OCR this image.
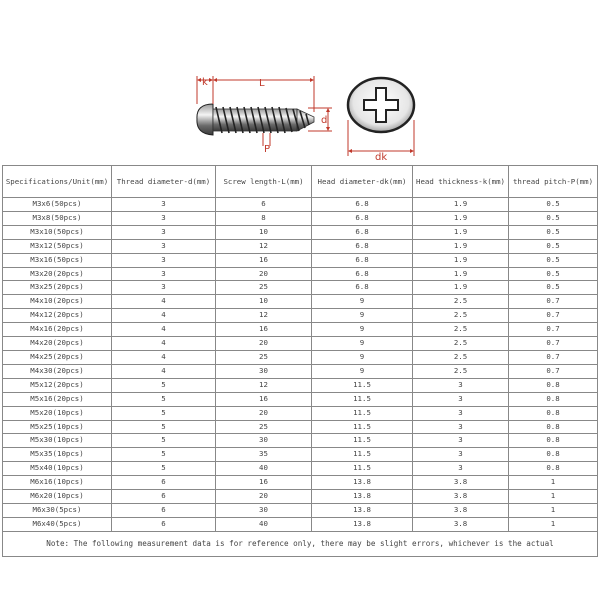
k	L
d
P
dk
Specifications/Unit(mm)	Thread diameter-d(mm)	Screw length-L(mm)	Head diameter-dk(mm)	Head thickness-k(mm)	thread pitch-P(mm)
M3x6(50pcs)	3	6	6.8	1.9	0.5
M3x8(50pcs)	3	8	6.8	1.9	0.5
M3x10(50pcs)	3	10	6.8	1.9	0.5
M3x12(50pcs)	3	12	6.8	1.9	0.5
M3x16(50pcs)	3	16	6.8	1.9	0.5
M3x20(20pcs)	3	20	6.8	1.9	0.5
M3x25(20pcs)	3	25	6.8	1.9	0.5
M4x10(20pcs)	4	10	9	2.5	0.7
M4x12(20pcs)	4	12	9	2.5	0.7
M4x16(20pcs)	4	16	9	2.5	0.7
M4x20(20pcs)	4	20	9	2.5	0.7
M4x25(20pcs)	4	25	9	2.5	0.7
M4x30(20pcs)	4	30	9	2.5	0.7
M5x12(20pcs)	5	12	11.5	3	0.8
M5x16(20pcs)	5	16	11.5	3	0.8
M5x20(10pcs)	5	20	11.5	3	0.8
M5x25(10pcs)	5	25	11.5	3	0.8
M5x30(10pcs)	5	30	11.5	3	0.8
M5x35(10pcs)	5	35	11.5	3	0.8
M5x40(10pcs)	5	40	11.5	3	0.8
M6x16(10pcs)	6	16	13.8	3.8	1
M6x20(10pcs)	6	20	13.8	3.8	1
M6x30(5pcs)	6	30	13.8	3.8	1
M6x40(5pcs)	6	40	13.8	3.8	1
Note: The following measurement data is for reference only, there may be slight errors, whichever is the actual					
